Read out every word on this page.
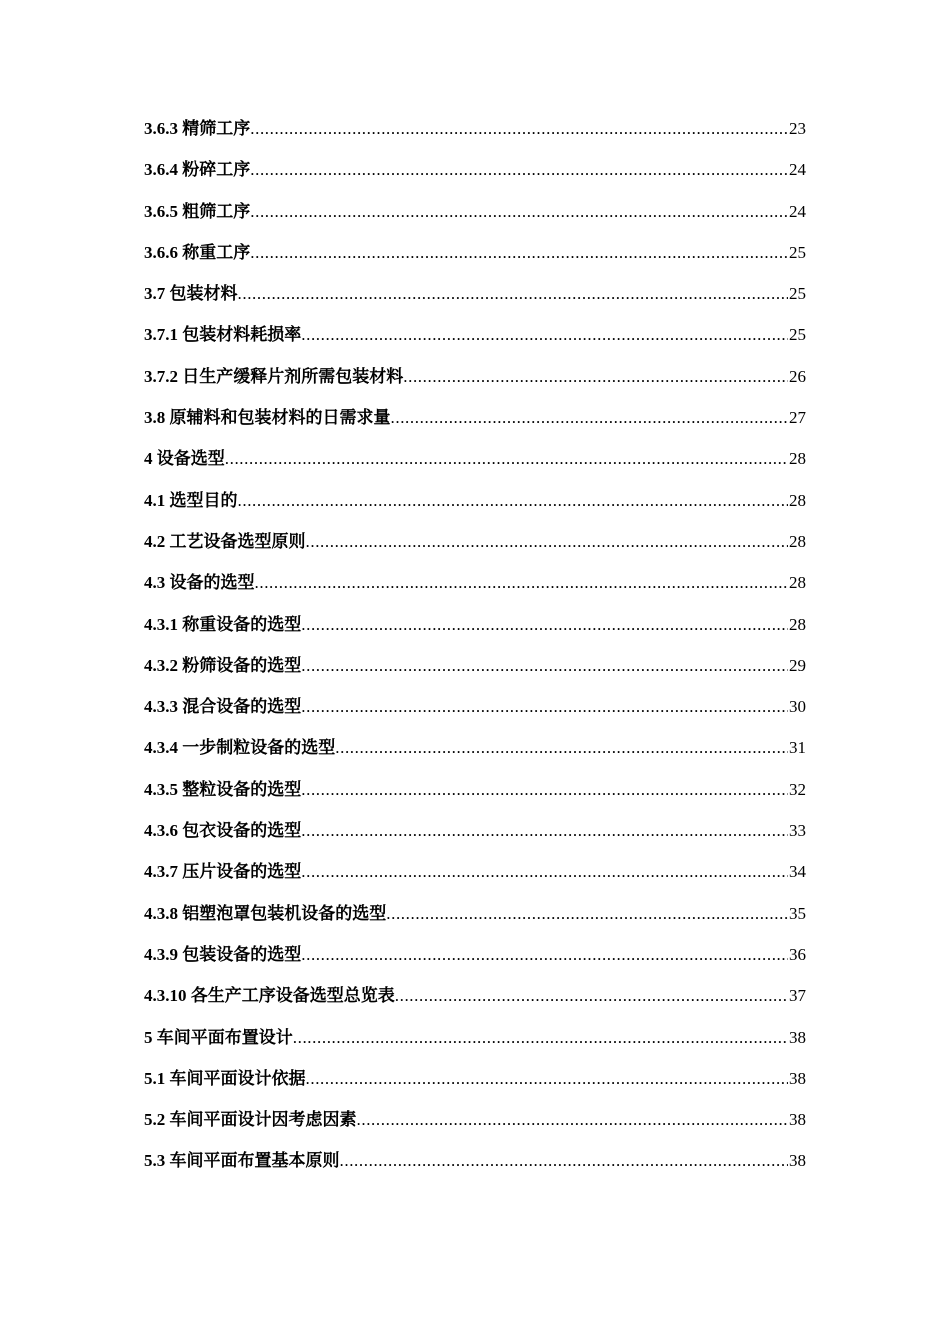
3.6.3 精筛工序 .....	23
3.6.4 粉碎工序 .....	24
3.6.5 粗筛工序 .....	24
3.6.6 称重工序 .....	25
3.7 包装材料 .....	25
3.7.1 包装材料耗损率 .....	25
3.7.2 日生产缓释片剂所需包装材料 .....	26
3.8 原辅料和包装材料的日需求量 .....	27
4 设备选型 .....	28
4.1 选型目的 .....	28
4.2 工艺设备选型原则 .....	28
4.3 设备的选型 .....	28
4.3.1 称重设备的选型 .....	28
4.3.2 粉筛设备的选型 .....	29
4.3.3 混合设备的选型 .....	30
4.3.4 一步制粒设备的选型 .....	31
4.3.5 整粒设备的选型 .....	32
4.3.6 包衣设备的选型 .....	33
4.3.7 压片设备的选型 .....	34
4.3.8 铝塑泡罩包装机设备的选型 .....	35
4.3.9 包装设备的选型 .....	36
4.3.10 各生产工序设备选型总览表 .....	37
5 车间平面布置设计 .....	38
5.1 车间平面设计依据 .....	38
5.2 车间平面设计因考虑因素 .....	38
5.3 车间平面布置基本原则 .....	38
